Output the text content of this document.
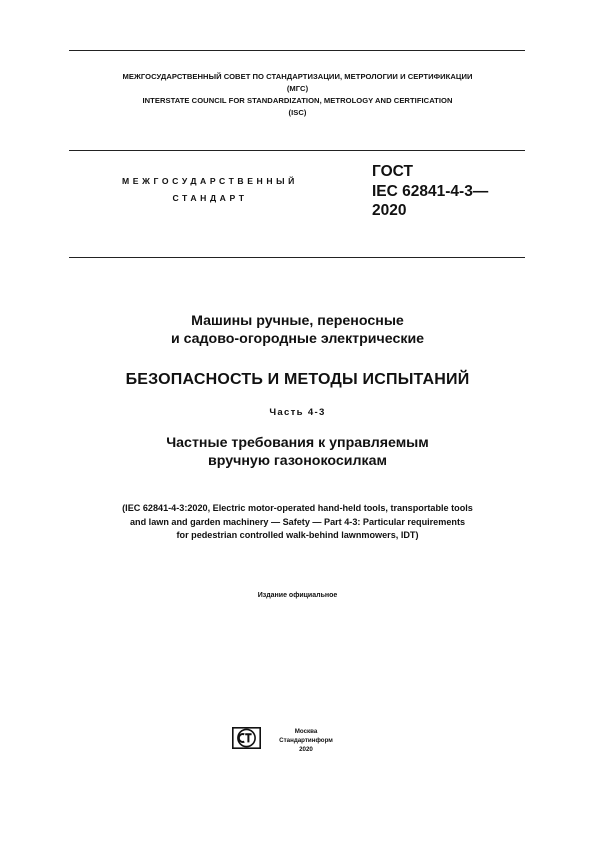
МЕЖГОСУДАРСТВЕННЫЙ СОВЕТ ПО СТАНДАРТИЗАЦИИ, МЕТРОЛОГИИ И СЕРТИФИКАЦИИ
(МГС)
INTERSTATE COUNCIL FOR STANDARDIZATION, METROLOGY AND CERTIFICATION
(ISC)
МЕЖГОСУДАРСТВЕННЫЙ
СТАНДАРТ
ГОСТ
IEC 62841-4-3—
2020
Машины ручные, переносные
и садово-огородные электрические
БЕЗОПАСНОСТЬ И МЕТОДЫ ИСПЫТАНИЙ
Часть 4-3
Частные требования к управляемым
вручную газонокосилкам
(IEC 62841-4-3:2020, Electric motor-operated hand-held tools, transportable tools
and lawn and garden machinery — Safety — Part 4-3: Particular requirements
for pedestrian controlled walk-behind lawnmowers, IDT)
Издание официальное
СТ
Москва
Стандартинформ
2020
